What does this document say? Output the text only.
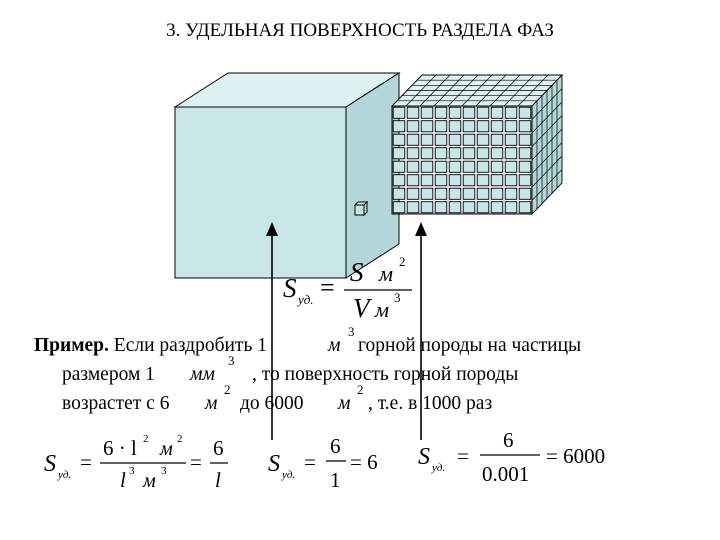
3. УДЕЛЬНАЯ ПОВЕРХНОСТЬ РАЗДЕЛА ФАЗ
S уд. =
S м 2
V м 3
Пример. Если раздробить 1	м
3
горной породы на частицы
размером 1 мм
3
, то поверхность горной породы
возрастет с 6 м
2
до 6000 м
2
, т.е. в 1000 раз
S уд.
=
6 · l 2 м 2
l 3 м 3 =
6
l
S уд.
=
6
1
= 6 S уд. =
6
0.001
= 6000
